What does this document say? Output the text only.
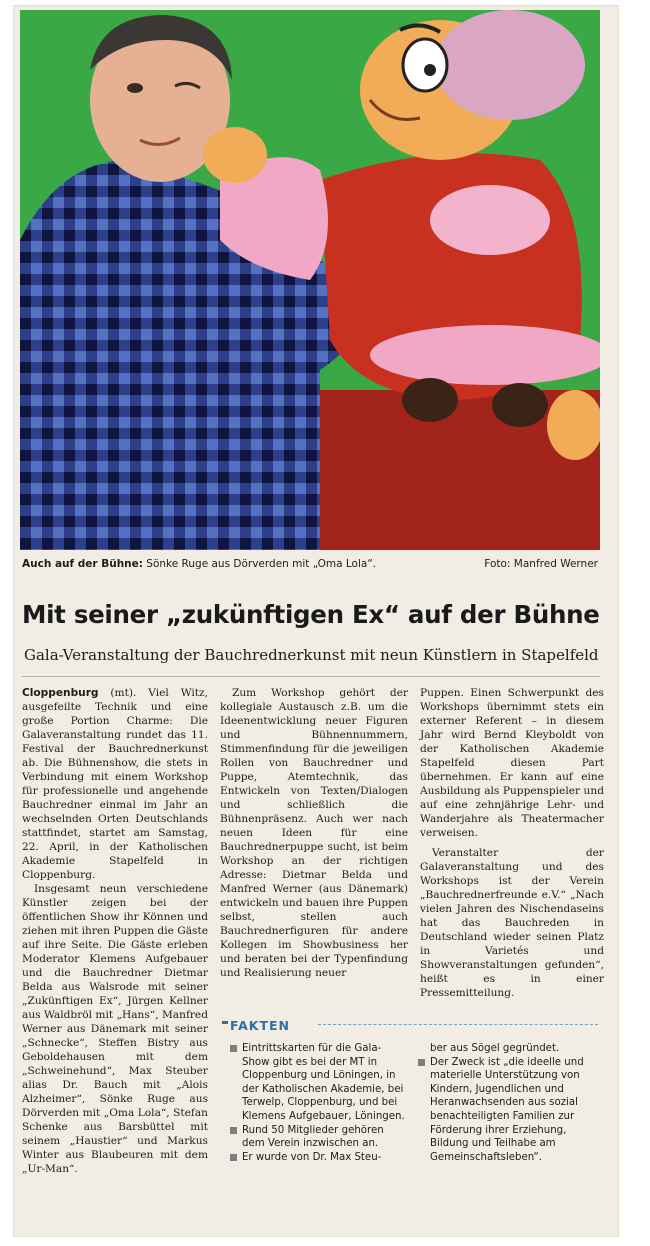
Auch auf der Bühne: Sönke Ruge aus Dörverden mit „Oma Lola“.	Foto: Manfred Werner
Mit seiner „zukünftigen Ex“ auf der Bühne
Gala-Veranstaltung der Bauchrednerkunst mit neun Künstlern in Stapelfeld

Cloppenburg (mt). Viel Witz, ausgefeilte Technik und eine große Portion Charme: Die Galaveranstaltung rundet das 11. Festival der Bauchrednerkunst ab. Die Bühnenshow, die stets in Verbindung mit einem Workshop für professionelle und angehende Bauchredner einmal im Jahr an wechselnden Orten Deutschlands stattfindet, startet am Samstag, 22. April, in der Katholischen Akademie Stapelfeld in Cloppenburg.

Insgesamt neun verschiedene Künstler zeigen bei der öffentlichen Show ihr Können und ziehen mit ihren Puppen die Gäste auf ihre Seite. Die Gäste erleben Moderator Klemens Aufgebauer und die Bauchredner Dietmar Belda aus Walsrode mit seiner „Zukünftigen Ex“, Jürgen Kellner aus Waldbröl mit „Hans“, Manfred Werner aus Dänemark mit seiner „Schnecke“, Steffen Bistry aus Geboldehausen mit dem „Schweinehund“, Max Steuber alias Dr. Bauch mit „Alois Alzheimer“, Sönke Ruge aus Dörverden mit „Oma Lola“, Stefan Schenke aus Barsbüttel mit seinem „Haustier“ und Markus Winter aus Blaubeuren mit dem „Ur-Man“.

Zum Workshop gehört der kollegiale Austausch z.B. um die Ideenentwicklung neuer Figuren und Bühnennummern, Stimmenfindung für die jeweiligen Rollen von Bauchredner und Puppe, Atemtechnik, das Entwickeln von Texten/Dialogen und schließlich die Bühnenpräsenz. Auch wer nach neuen Ideen für eine Bauchrednerpuppe sucht, ist beim Workshop an der richtigen Adresse: Dietmar Belda und Manfred Werner (aus Dänemark) entwickeln und bauen ihre Puppen selbst, stellen auch Bauchrednerfiguren für andere Kollegen im Showbusiness her und beraten bei der Typenfindung und Realisierung neuer

Puppen. Einen Schwerpunkt des Workshops übernimmt stets ein externer Referent – in diesem Jahr wird Bernd Kleyboldt von der Katholischen Akademie Stapelfeld diesen Part übernehmen. Er kann auf eine Ausbildung als Puppenspieler und auf eine zehnjährige Lehr- und Wanderjahre als Theatermacher verweisen.

Veranstalter der Galaveranstaltung und des Workshops ist der Verein „Bauchrednerfreunde e.V.“ „Nach vielen Jahren des Nischendaseins hat das Bauchreden in Deutschland wieder seinen Platz in Varietés und Showveranstaltungen gefunden“, heißt es in einer Pressemitteilung.

FAKTEN

Eintrittskarten für die Gala-Show gibt es bei der MT in Cloppenburg und Löningen, in der Katholischen Akademie, bei Terwelp, Cloppenburg, und bei Klemens Aufgebauer, Löningen.

Rund 50 Mitglieder gehören dem Verein inzwischen an.

Er wurde von Dr. Max Steu-

ber aus Sögel gegründet.

Der Zweck ist „die ideelle und materielle Unterstützung von Kindern, Jugendlichen und Heranwachsenden aus sozial benachteiligten Familien zur Förderung ihrer Erziehung, Bildung und Teilhabe am Gemeinschaftsleben“.
